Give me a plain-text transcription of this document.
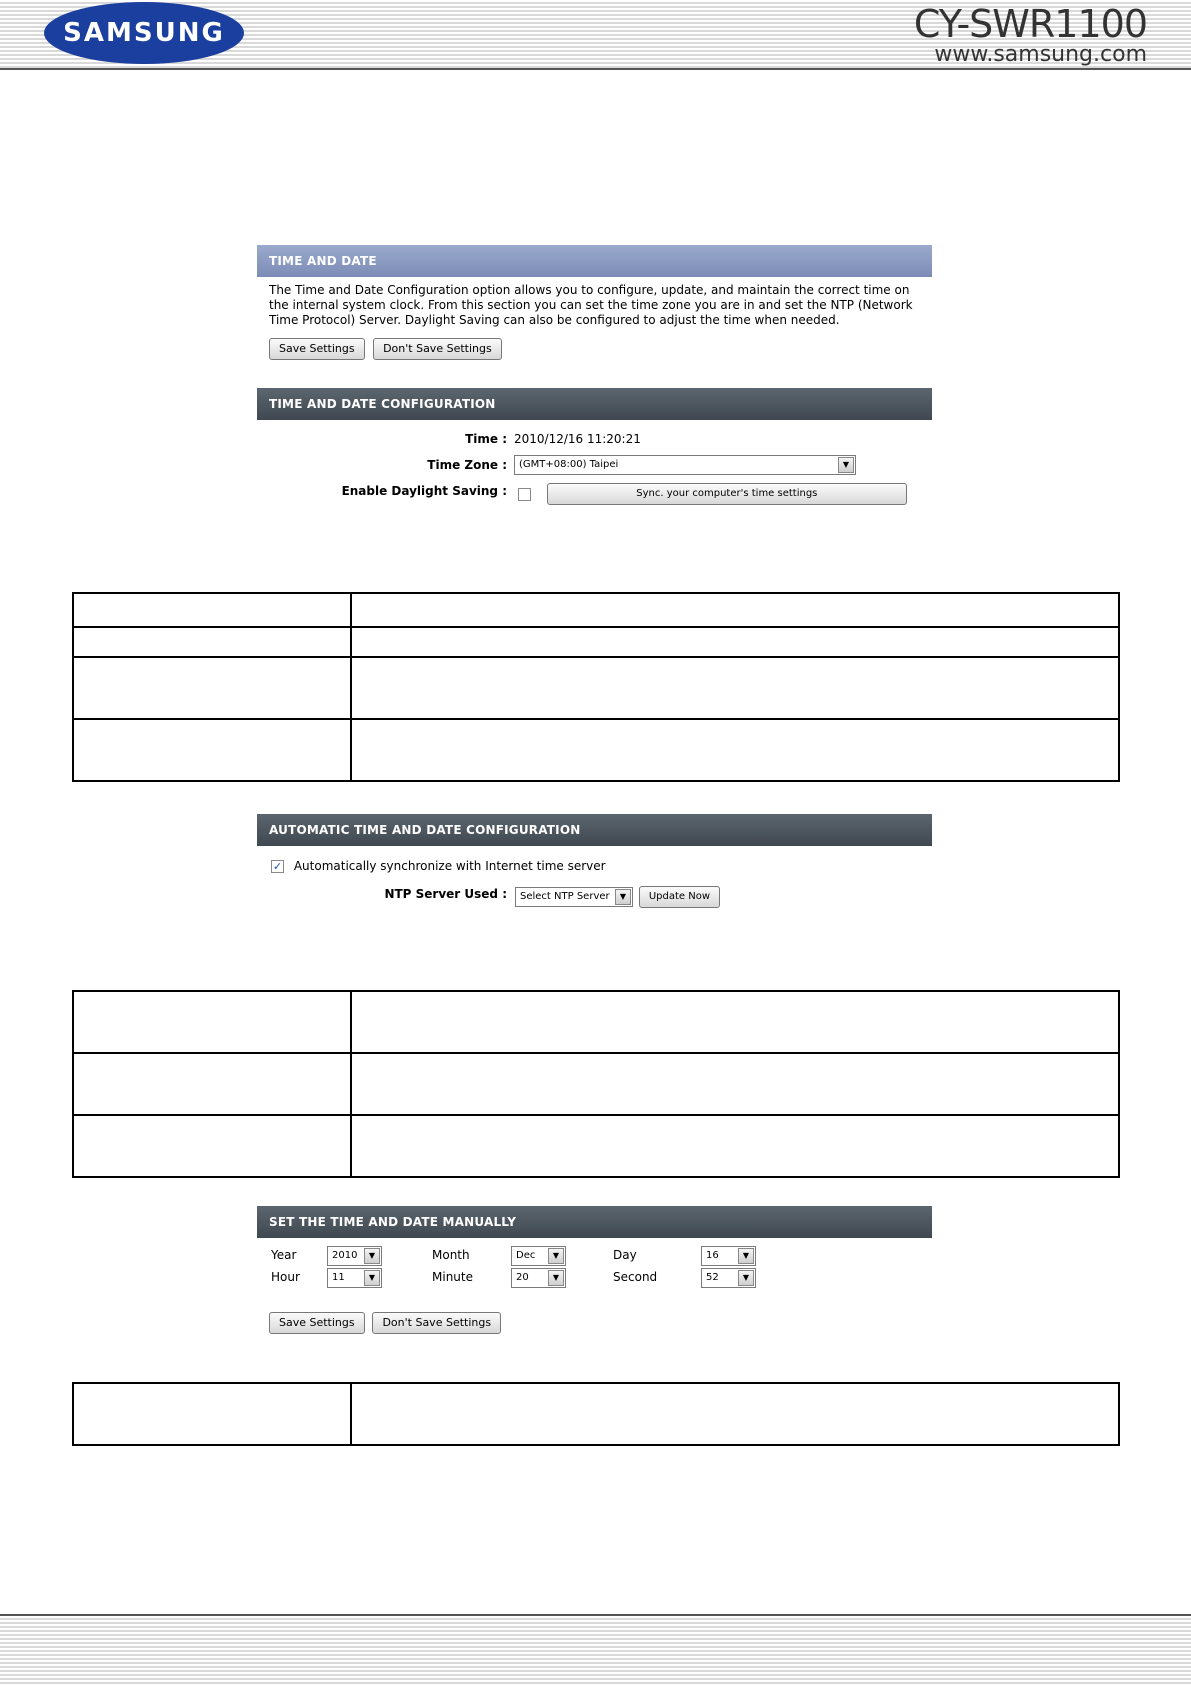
SAMSUNG	CY-SWR1100
www.samsung.com
TIME AND DATE
The Time and Date Configuration option allows you to configure, update, and maintain the correct time on the internal system clock. From this section you can set the time zone you are in and set the NTP (Network Time Protocol) Server. Daylight Saving can also be configured to adjust the time when needed.
Save Settings	Don't Save Settings
TIME AND DATE CONFIGURATION
Time : 2010/12/16 11:20:21
Time Zone :	(GMT+08:00) Taipei	▼
Enable Daylight Saving :	Sync. your computer's time settings

AUTOMATIC TIME AND DATE CONFIGURATION
✓ Automatically synchronize with Internet time server
NTP Server Used :	Select NTP Server	▼	Update Now

SET THE TIME AND DATE MANUALLY
Year	2010	▼	Month	Dec	▼	Day	16	▼
Hour	11	▼	Minute	20	▼	Second	52	▼
Save Settings	Don't Save Settings
